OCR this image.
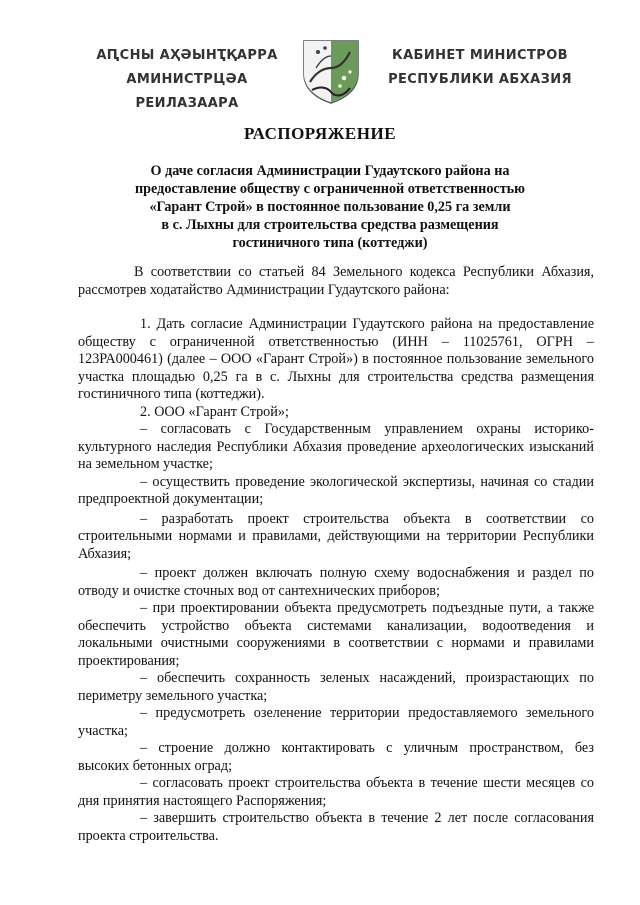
АԤСНЫ АҲӘЫНҬҚАРРА
АМИНИСТРЦӘА РЕИЛАЗААРА
КАБИНЕТ МИНИСТРОВ
РЕСПУБЛИКИ АБХАЗИЯ
РАСПОРЯЖЕНИЕ
О даче согласия Администрации Гудаутского района на
предоставление обществу с ограниченной ответственностью
«Гарант Строй» в постоянное пользование 0,25 га земли
в с. Лыхны для строительства средства размещения
гостиничного типа (коттеджи)

В соответствии со статьей 84 Земельного кодекса Республики Абхазия, рассмотрев ходатайство Администрации Гудаутского района:

1. Дать согласие Администрации Гудаутского района на предоставление обществу с ограниченной ответственностью (ИНН – 11025761, ОГРН – 123РА000461) (далее – ООО «Гарант Строй») в постоянное пользование земельного участка площадью 0,25 га в с. Лыхны для строительства средства размещения гостиничного типа (коттеджи).

2. ООО «Гарант Строй»;

– согласовать с Государственным управлением охраны историко-культурного наследия Республики Абхазия проведение археологических изысканий на земельном участке;

– осуществить проведение экологической экспертизы, начиная со стадии предпроектной документации;

– разработать проект строительства объекта в соответствии со строительными нормами и правилами, действующими на территории Республики Абхазия;

– проект должен включать полную схему водоснабжения и раздел по отводу и очистке сточных вод от сантехнических приборов;

– при проектировании объекта предусмотреть подъездные пути, а также обеспечить устройство объекта системами канализации, водоотведения и локальными очистными сооружениями в соответствии с нормами и правилами проектирования;

– обеспечить сохранность зеленых насаждений, произрастающих по периметру земельного участка;

– предусмотреть озеленение территории предоставляемого земельного участка;

– строение должно контактировать с уличным пространством, без высоких бетонных оград;

– согласовать проект строительства объекта в течение шести месяцев со дня принятия настоящего Распоряжения;

– завершить строительство объекта в течение 2 лет после согласования проекта строительства.
